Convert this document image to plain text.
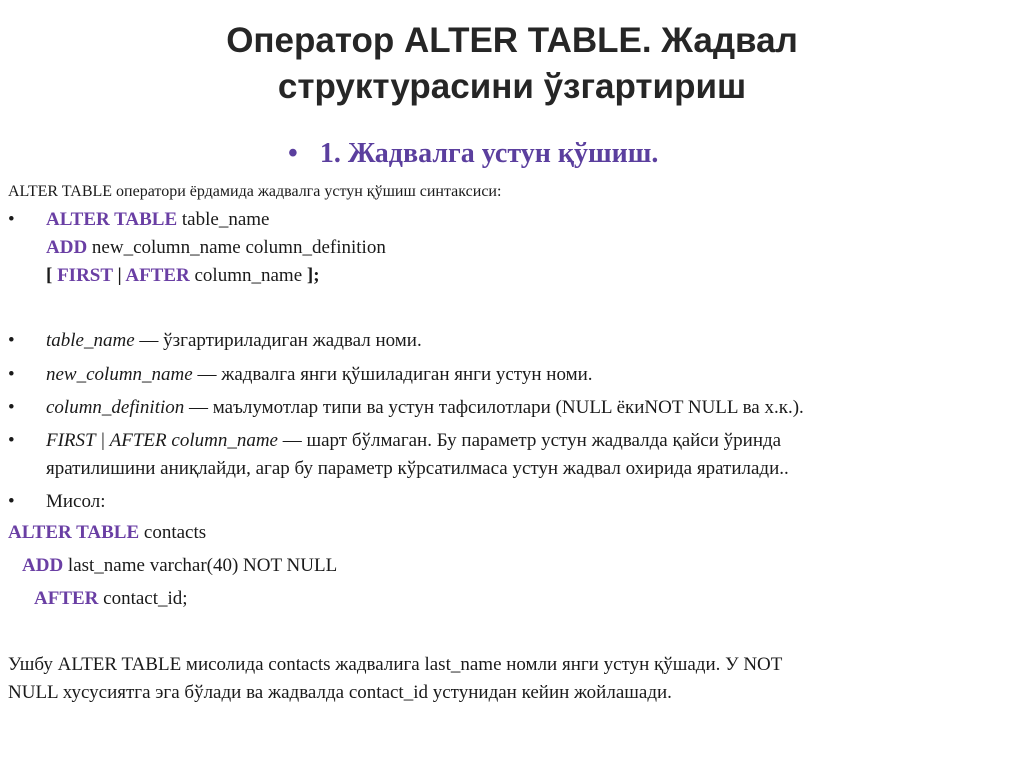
Оператор ALTER TABLE. Жадвал
структурасини ўзгартириш
• 1. Жадвалга устун қўшиш.
ALTER TABLE оператори ёрдамида жадвалга устун қўшиш синтаксиси:
• ALTER TABLE table_name
ADD new_column_name column_definition
[ FIRST | AFTER column_name ];
• table_name — ўзгартириладиган жадвал номи.
• new_column_name — жадвалга янги қўшиладиган янги устун номи.
• column_definition — маълумотлар типи ва устун тафсилотлари (NULL ёкиNOT NULL ва х.к.).
• FIRST | AFTER column_name — шарт бўлмаган. Бу параметр устун жадвалда қайси ўринда
яратилишини аниқлайди, агар бу параметр кўрсатилмаса устун жадвал охирида яратилади..
• Мисол:
ALTER TABLE contacts
ADD last_name varchar(40) NOT NULL
AFTER contact_id;
Ушбу ALTER TABLE мисолида contacts жадвалига last_name номли янги устун қўшади. У NOT
NULL хусусиятга эга бўлади ва жадвалда contact_id устунидан кейин жойлашади.
